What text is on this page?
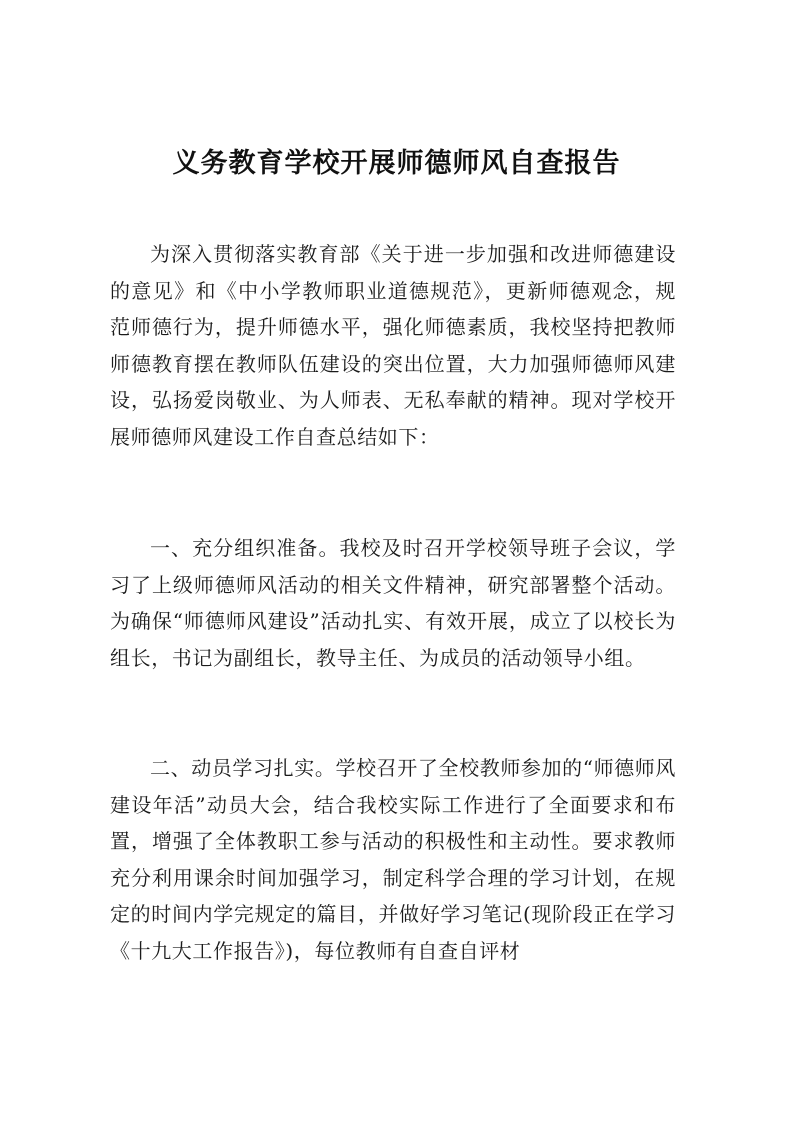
义务教育学校开展师德师风自查报告

为深入贯彻落实教育部《关于进一步加强和改进师德建设的意见》和《中小学教师职业道德规范》，更新师德观念，规范师德行为，提升师德水平，强化师德素质，我校坚持把教师师德教育摆在教师队伍建设的突出位置，大力加强师德师风建设，弘扬爱岗敬业、为人师表、无私奉献的精神。现对学校开展师德师风建设工作自查总结如下：

一、充分组织准备。我校及时召开学校领导班子会议，学习了上级师德师风活动的相关文件精神，研究部署整个活动。为确保“师德师风建设”活动扎实、有效开展，成立了以校长为组长，书记为副组长，教导主任、为成员的活动领导小组。

二、动员学习扎实。学校召开了全校教师参加的“师德师风建设年活”动员大会，结合我校实际工作进行了全面要求和布置，增强了全体教职工参与活动的积极性和主动性。要求教师充分利用课余时间加强学习，制定科学合理的学习计划，在规定的时间内学完规定的篇目，并做好学习笔记(现阶段正在学习《十九大工作报告》)，每位教师有自查自评材
